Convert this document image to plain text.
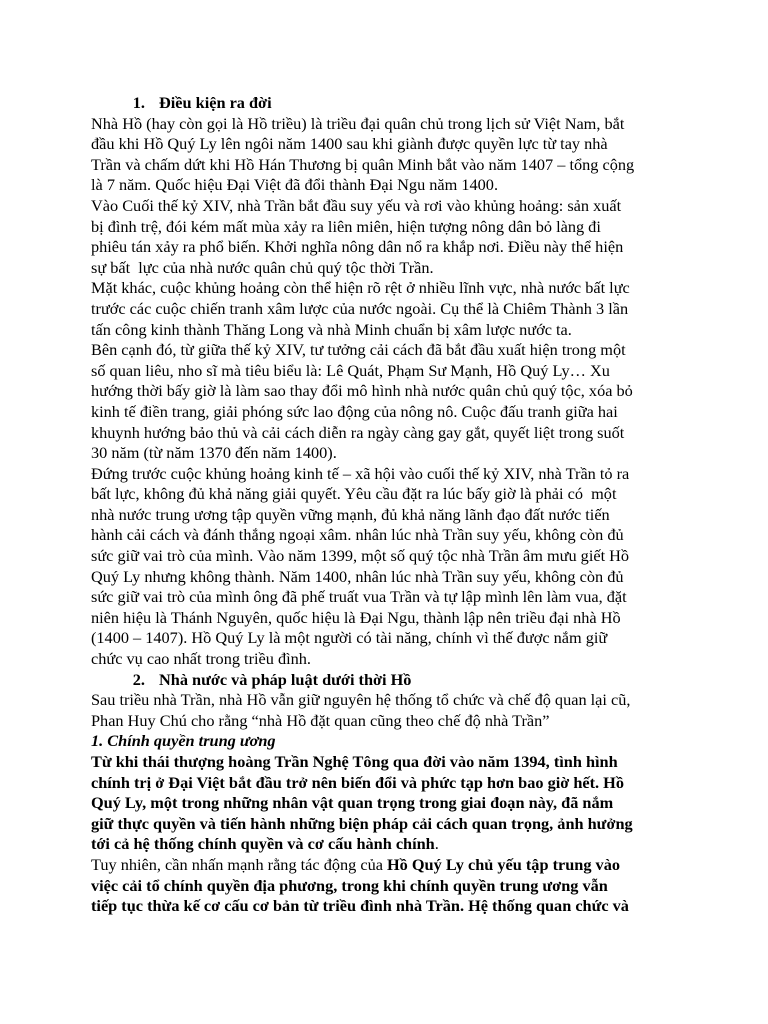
1. Điều kiện ra đời
Nhà Hồ (hay còn gọi là Hồ triều) là triều đại quân chủ trong lịch sử Việt Nam, bắt
đầu khi Hồ Quý Ly lên ngôi năm 1400 sau khi giành được quyền lực từ tay nhà
Trần và chấm dứt khi Hồ Hán Thương bị quân Minh bắt vào năm 1407 – tổng cộng
là 7 năm. Quốc hiệu Đại Việt đã đổi thành Đại Ngu năm 1400.
Vào Cuối thế kỷ XIV, nhà Trần bắt đầu suy yếu và rơi vào khủng hoảng: sản xuất
bị đình trệ, đói kém mất mùa xảy ra liên miên, hiện tượng nông dân bỏ làng đi
phiêu tán xảy ra phổ biến. Khởi nghĩa nông dân nổ ra khắp nơi. Điều này thể hiện
sự bất  lực của nhà nước quân chủ quý tộc thời Trần.
Mặt khác, cuộc khủng hoảng còn thể hiện rõ rệt ở nhiều lĩnh vực, nhà nước bất lực
trước các cuộc chiến tranh xâm lược của nước ngoài. Cụ thể là Chiêm Thành 3 lần
tấn công kinh thành Thăng Long và nhà Minh chuẩn bị xâm lược nước ta.
Bên cạnh đó, từ giữa thế kỷ XIV, tư tưởng cải cách đã bắt đầu xuất hiện trong một
số quan liêu, nho sĩ mà tiêu biểu là: Lê Quát, Phạm Sư Mạnh, Hồ Quý Ly… Xu
hướng thời bấy giờ là làm sao thay đổi mô hình nhà nước quân chủ quý tộc, xóa bỏ
kinh tế điền trang, giải phóng sức lao động của nông nô. Cuộc đấu tranh giữa hai
khuynh hướng bảo thủ và cải cách diễn ra ngày càng gay gắt, quyết liệt trong suốt
30 năm (từ năm 1370 đến năm 1400).
Đứng trước cuộc khủng hoảng kinh tế – xã hội vào cuối thế kỷ XIV, nhà Trần tỏ ra
bất lực, không đủ khả năng giải quyết. Yêu cầu đặt ra lúc bấy giờ là phải có  một
nhà nước trung ương tập quyền vững mạnh, đủ khả năng lãnh đạo đất nước tiến
hành cải cách và đánh thắng ngoại xâm. nhân lúc nhà Trần suy yếu, không còn đủ
sức giữ vai trò của mình. Vào năm 1399, một số quý tộc nhà Trần âm mưu giết Hồ
Quý Ly nhưng không thành. Năm 1400, nhân lúc nhà Trần suy yếu, không còn đủ
sức giữ vai trò của mình ông đã phế truất vua Trần và tự lập mình lên làm vua, đặt
niên hiệu là Thánh Nguyên, quốc hiệu là Đại Ngu, thành lập nên triều đại nhà Hồ
(1400 – 1407). Hồ Quý Ly là một người có tài năng, chính vì thế được nắm giữ
chức vụ cao nhất trong triều đình.
2. Nhà nước và pháp luật dưới thời Hồ
Sau triều nhà Trần, nhà Hồ vẫn giữ nguyên hệ thống tổ chức và chế độ quan lại cũ,
Phan Huy Chú cho rằng “nhà Hồ đặt quan cũng theo chế độ nhà Trần”
1. Chính quyền trung ương
Từ khi thái thượng hoàng Trần Nghệ Tông qua đời vào năm 1394, tình hình
chính trị ở Đại Việt bắt đầu trở nên biến đổi và phức tạp hơn bao giờ hết. Hồ
Quý Ly, một trong những nhân vật quan trọng trong giai đoạn này, đã nắm
giữ thực quyền và tiến hành những biện pháp cải cách quan trọng, ảnh hưởng
tới cả hệ thống chính quyền và cơ cấu hành chính.
Tuy nhiên, cần nhấn mạnh rằng tác động của Hồ Quý Ly chủ yếu tập trung vào
việc cải tổ chính quyền địa phương, trong khi chính quyền trung ương vẫn
tiếp tục thừa kế cơ cấu cơ bản từ triều đình nhà Trần. Hệ thống quan chức và
